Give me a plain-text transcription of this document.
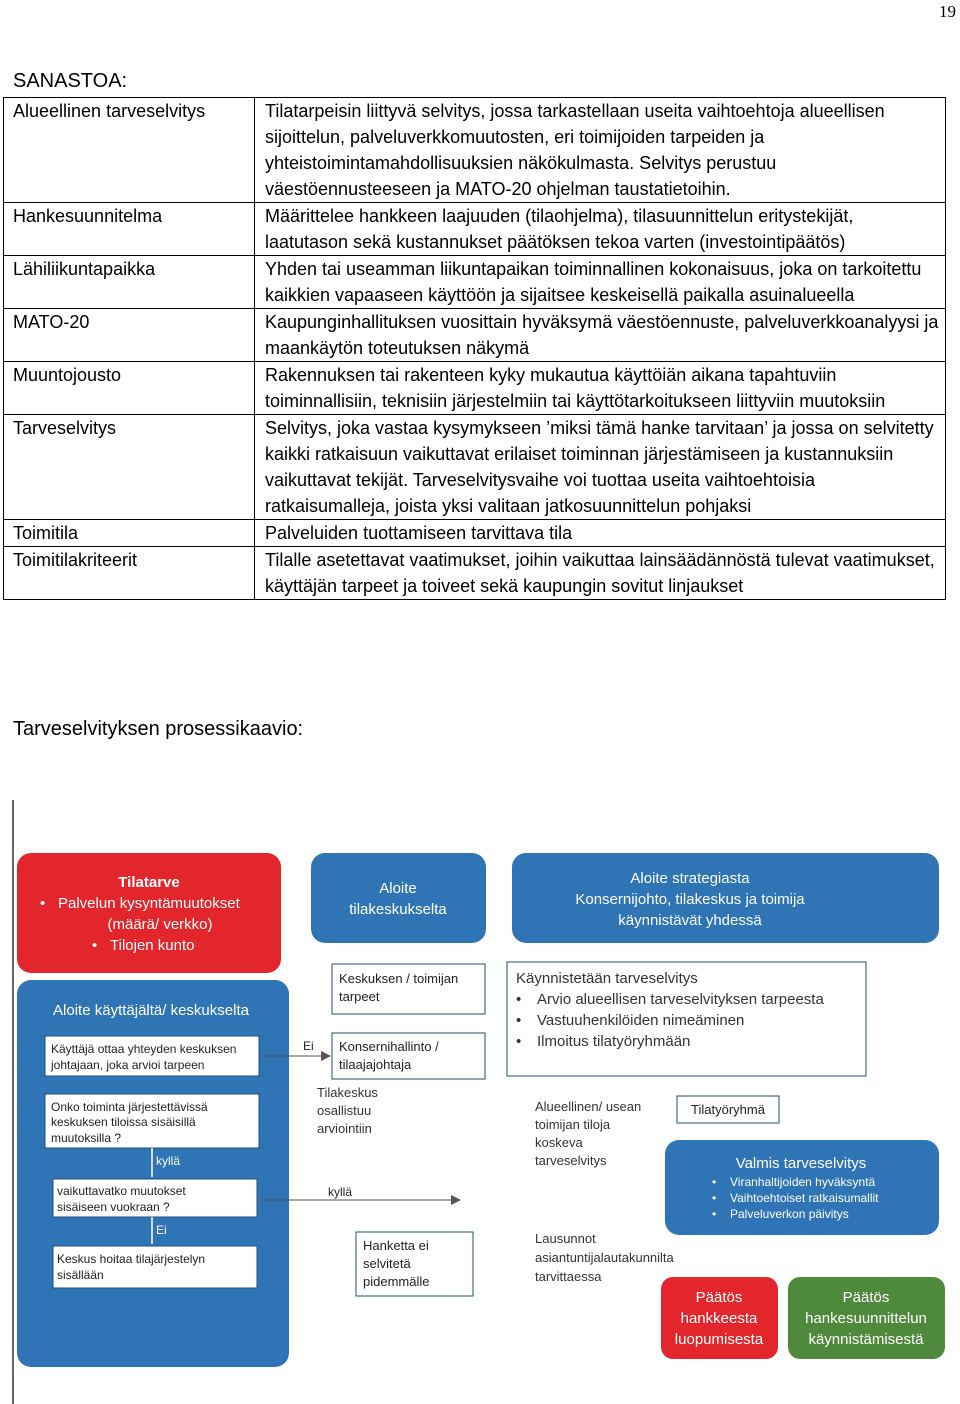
19
SANASTOA:
Alueellinen tarveselvitys	Tilatarpeisin liittyvä selvitys, jossa tarkastellaan useita vaihtoehtoja alueellisen sijoittelun, palveluverkkomuutosten, eri toimijoiden tarpeiden ja yhteistoimintamahdollisuuksien näkökulmasta. Selvitys perustuu väestöennusteeseen ja MATO-20 ohjelman taustatietoihin.
Hankesuunnitelma	Määrittelee hankkeen laajuuden (tilaohjelma), tilasuunnittelun eritystekijät, laatutason sekä kustannukset päätöksen tekoa varten (investointipäätös)
Lähiliikuntapaikka	Yhden tai useamman liikuntapaikan toiminnallinen kokonaisuus, joka on tarkoitettu kaikkien vapaaseen käyttöön ja sijaitsee keskeisellä paikalla asuinalueella
MATO-20	Kaupunginhallituksen vuosittain hyväksymä väestöennuste, palveluverkkoanalyysi ja maankäytön toteutuksen näkymä
Muuntojousto	Rakennuksen tai rakenteen kyky mukautua käyttöiän aikana tapahtuviin toiminnallisiin, teknisiin järjestelmiin tai käyttötarkoitukseen liittyviin muutoksiin
Tarveselvitys	Selvitys, joka vastaa kysymykseen ’miksi tämä hanke tarvitaan’ ja jossa on selvitetty kaikki ratkaisuun vaikuttavat erilaiset toiminnan järjestämiseen ja kustannuksiin vaikuttavat tekijät. Tarveselvitysvaihe voi tuottaa useita vaihtoehtoisia ratkaisumalleja, joista yksi valitaan jatkosuunnittelun pohjaksi
Toimitila	Palveluiden tuottamiseen tarvittava tila
Toimitilakriteerit	Tilalle asetettavat vaatimukset, joihin vaikuttaa lainsäädännöstä tulevat vaatimukset, käyttäjän tarpeet ja toiveet sekä kaupungin sovitut linjaukset
Tarveselvityksen prosessikaavio:
Tilatarve
• Palvelun kysyntämuutokset
(määrä/ verkko)
• Tilojen kunto
Aloite
tilakeskukselta
Aloite strategiasta
Konsernijohto, tilakeskus ja toimija
käynnistävät yhdessä
Aloite käyttäjältä/ keskukselta
Käyttäjä ottaa yhteyden keskuksen
johtajaan, joka arvioi tarpeen
Onko toiminta järjestettävissä
keskuksen tiloissa sisäisillä
muutoksilla ?
kyllä
vaikuttavatko muutokset
sisäiseen vuokraan ?
Ei
Keskus hoitaa tilajärjestelyn
sisällään
Keskuksen / toimijan
tarpeet
Ei Konsernihallinto /
tilaajajohtaja
Tilakeskus
osallistuu
arviointiin
kyllä
Hanketta ei
selvitetä
pidemmälle
Käynnistetään tarveselvitys
• Arvio alueellisen tarveselvityksen tarpeesta
• Vastuuhenkilöiden nimeäminen
• Ilmoitus tilatyöryhmään
Alueellinen/ usean
toimijan tiloja
koskeva
tarveselvitys
Tilatyöryhmä
Valmis tarveselvitys
• Viranhaltijoiden hyväksyntä
• Vaihtoehtoiset ratkaisumallit
• Palveluverkon päivitys
Lausunnot
asiantuntijalautakunnilta
tarvittaessa
Päätös
hankkeesta
luopumisesta
Päätös
hankesuunnittelun
käynnistämisestä
